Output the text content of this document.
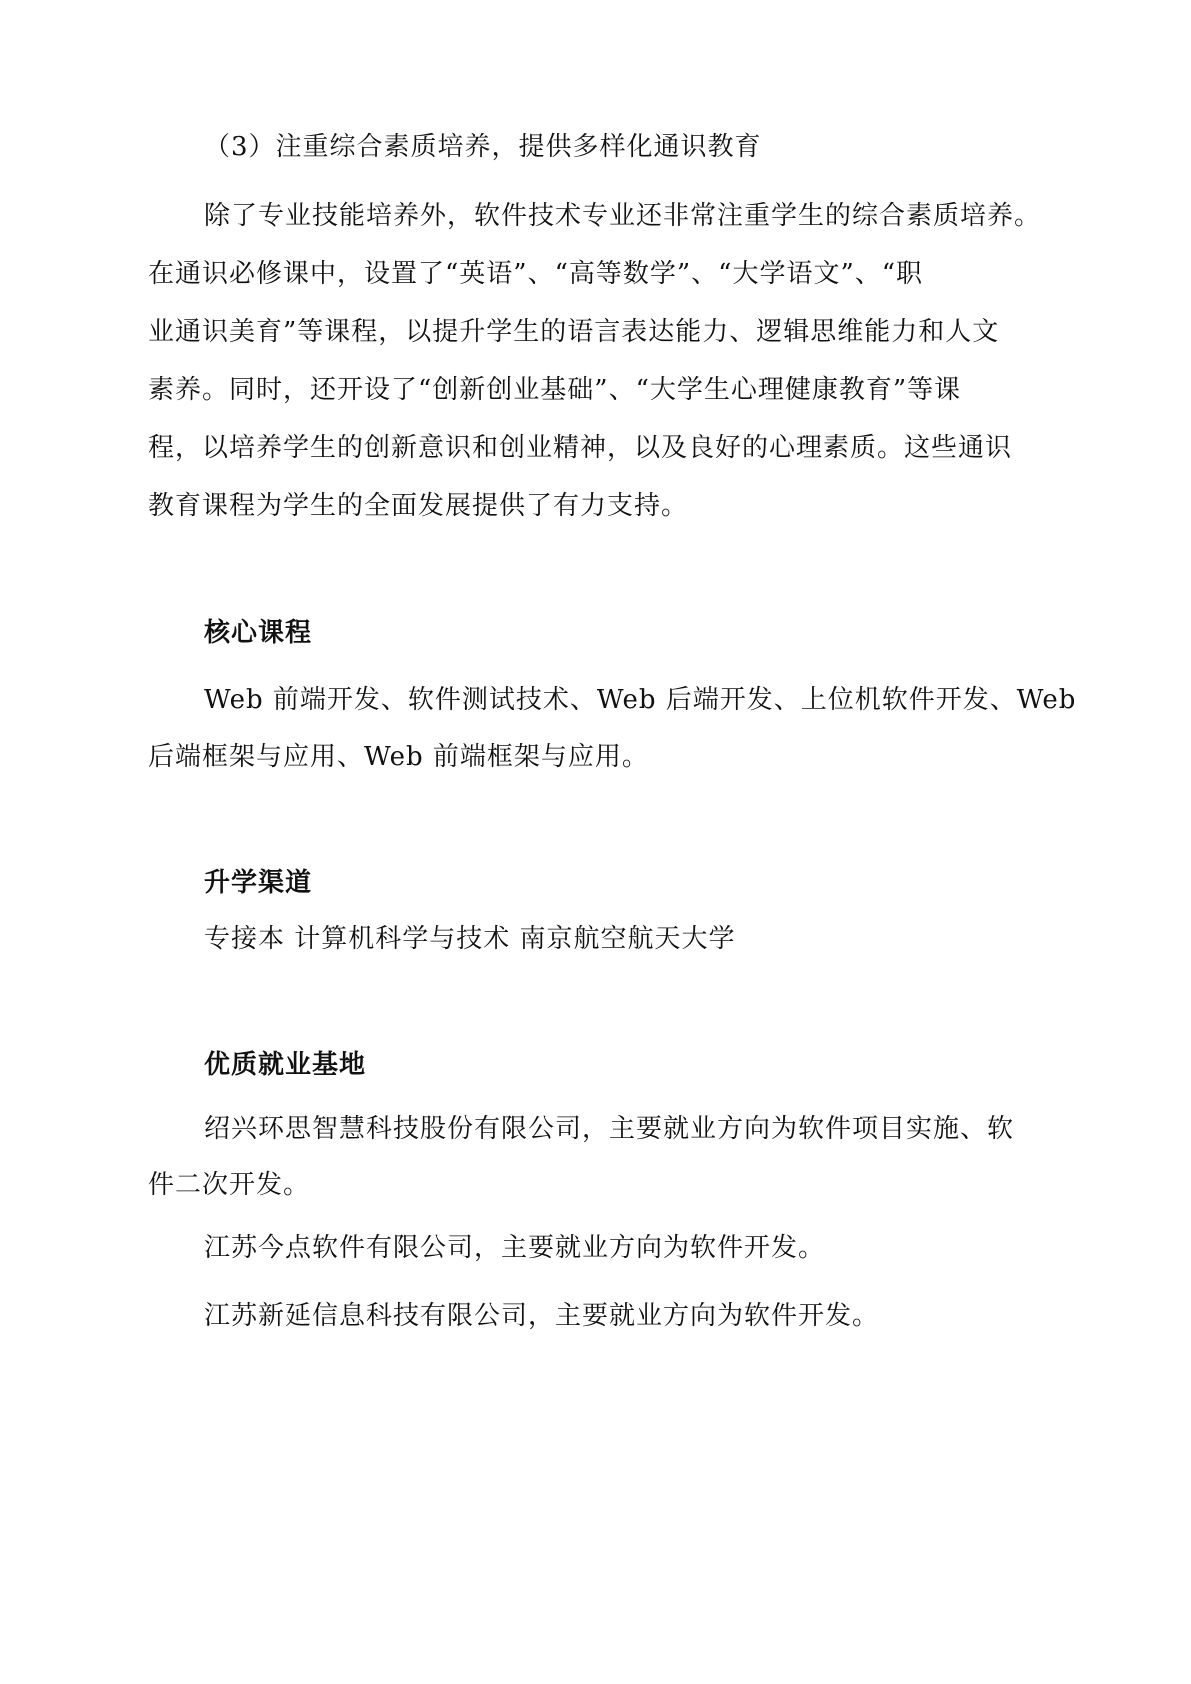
（3）注重综合素质培养，提供多样化通识教育
除了专业技能培养外，软件技术专业还非常注重学生的综合素质培养。
在通识必修课中，设置了“英语”、“高等数学”、“大学语文”、“职
业通识美育”等课程，以提升学生的语言表达能力、逻辑思维能力和人文
素养。同时，还开设了“创新创业基础”、“大学生心理健康教育”等课
程，以培养学生的创新意识和创业精神，以及良好的心理素质。这些通识
教育课程为学生的全面发展提供了有力支持。
核心课程
Web 前端开发、软件测试技术、Web 后端开发、上位机软件开发、Web
后端框架与应用、Web 前端框架与应用。
升学渠道
专接本 计算机科学与技术 南京航空航天大学
优质就业基地
绍兴环思智慧科技股份有限公司，主要就业方向为软件项目实施、软
件二次开发。
江苏今点软件有限公司，主要就业方向为软件开发。
江苏新延信息科技有限公司，主要就业方向为软件开发。
